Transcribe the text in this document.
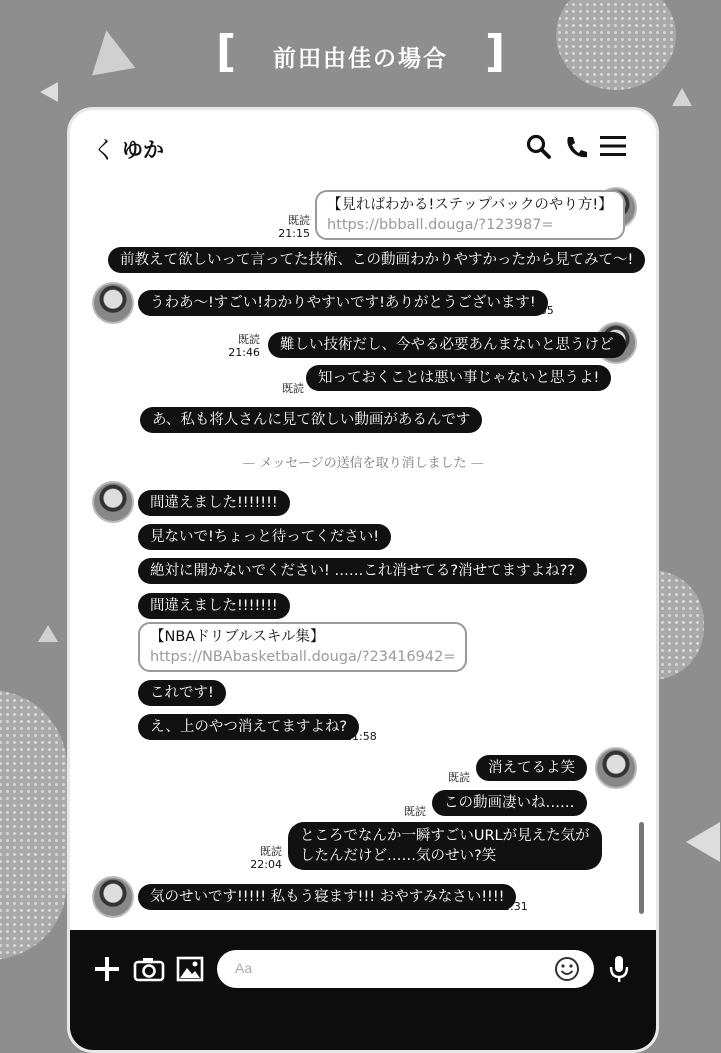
[	前田由佳の場合 ]
く ゆか
【見ればわかる!ステップバックのやり方!】
https://bbball.douga/?123987=
既読
21:15
前教えて欲しいって言ってた技術、この動画わかりやすかったから見てみて～!
うわあ～!すごい!わかりやすいです!ありがとうございます!
21:35
難しい技術だし、今やる必要あんまないと思うけど
既読
21:46
知っておくことは悪い事じゃないと思うよ!
既読
あ、私も将人さんに見て欲しい動画があるんです
— メッセージの送信を取り消しました —
間違えました!!!!!!!
見ないで!ちょっと待ってください!
絶対に開かないでください! ……これ消せてる?消せてますよね??
間違えました!!!!!!!
【NBAドリブルスキル集】
https://NBAbasketball.douga/?23416942=
これです!
え、上のやつ消えてますよね?
21:58
消えてるよ笑
既読
この動画凄いね……
既読
ところでなんか一瞬すごいURLが見えた気が
したんだけど……気のせい?笑
既読
22:04
気のせいです!!!!! 私もう寝ます!!! おやすみなさい!!!!
22:31
Aa
